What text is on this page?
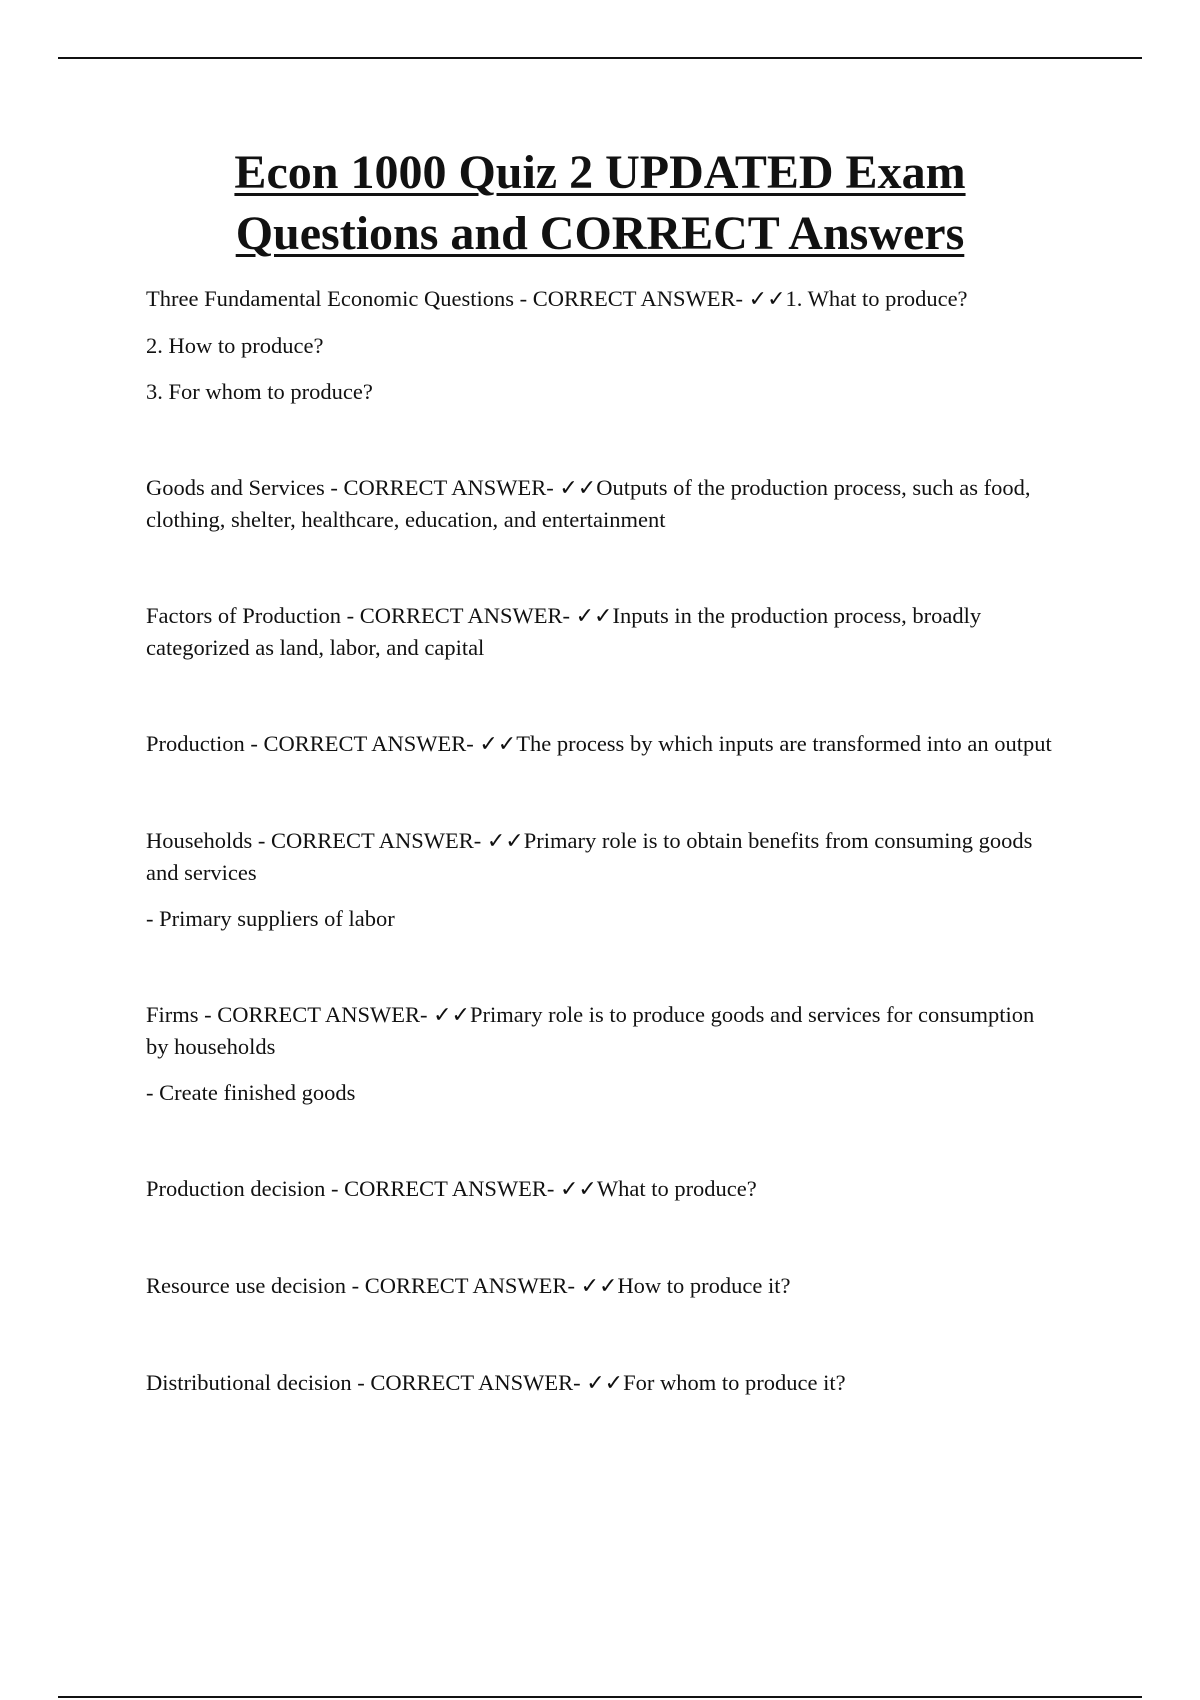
Econ 1000 Quiz 2 UPDATED Exam Questions and CORRECT Answers

Three Fundamental Economic Questions - CORRECT ANSWER- ✓✓1. What to produce?

2. How to produce?

3. For whom to produce?

Goods and Services - CORRECT ANSWER- ✓✓Outputs of the production process, such as food, clothing, shelter, healthcare, education, and entertainment

Factors of Production - CORRECT ANSWER- ✓✓Inputs in the production process, broadly categorized as land, labor, and capital

Production - CORRECT ANSWER- ✓✓The process by which inputs are transformed into an output

Households - CORRECT ANSWER- ✓✓Primary role is to obtain benefits from consuming goods and services

- Primary suppliers of labor

Firms - CORRECT ANSWER- ✓✓Primary role is to produce goods and services for consumption by households

- Create finished goods

Production decision - CORRECT ANSWER- ✓✓What to produce?

Resource use decision - CORRECT ANSWER- ✓✓How to produce it?

Distributional decision - CORRECT ANSWER- ✓✓For whom to produce it?
